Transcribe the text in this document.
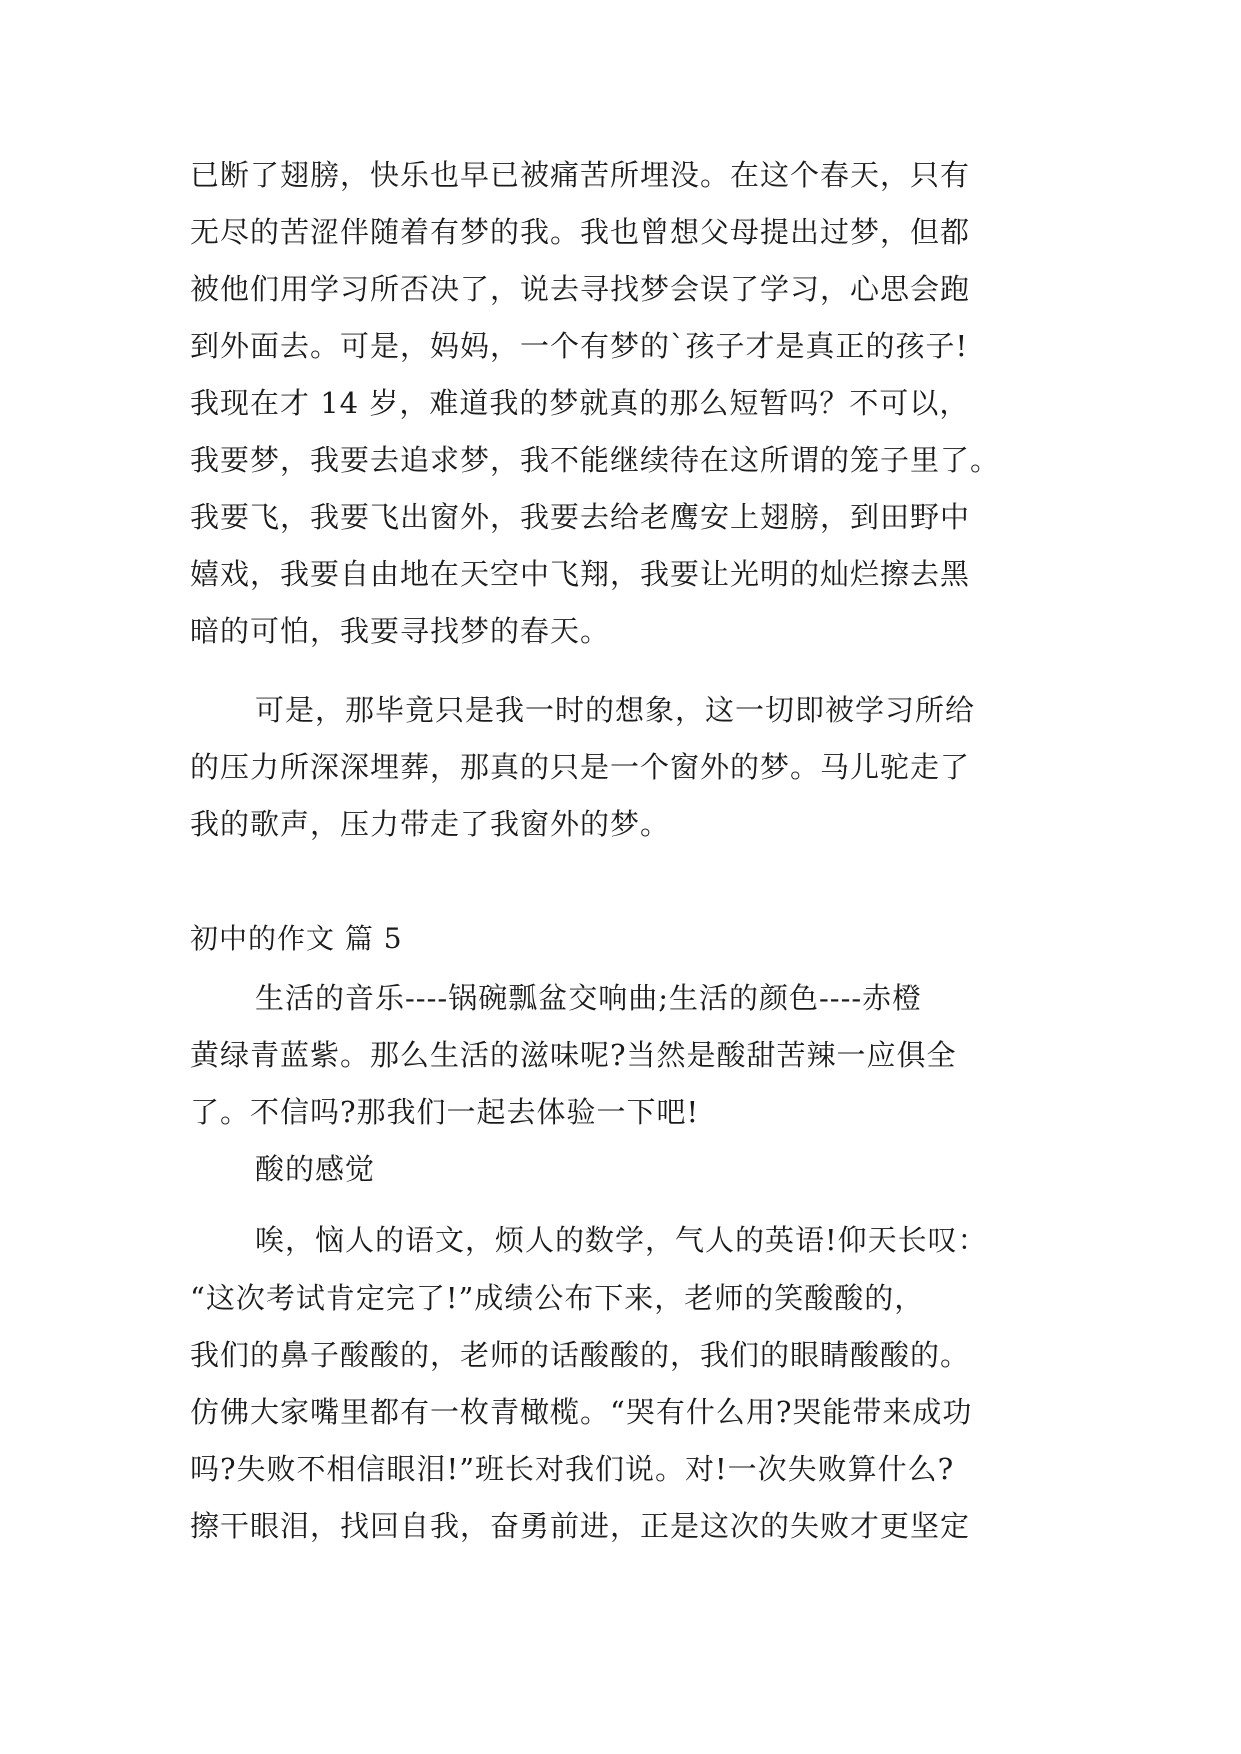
已断了翅膀，快乐也早已被痛苦所埋没。在这个春天，只有
无尽的苦涩伴随着有梦的我。我也曾想父母提出过梦，但都
被他们用学习所否决了，说去寻找梦会误了学习，心思会跑
到外面去。可是，妈妈，一个有梦的`孩子才是真正的孩子!
我现在才 14 岁，难道我的梦就真的那么短暂吗？不可以，
我要梦，我要去追求梦，我不能继续待在这所谓的笼子里了。
我要飞，我要飞出窗外，我要去给老鹰安上翅膀，到田野中
嬉戏，我要自由地在天空中飞翔，我要让光明的灿烂擦去黑
暗的可怕，我要寻找梦的春天。
可是，那毕竟只是我一时的想象，这一切即被学习所给
的压力所深深埋葬，那真的只是一个窗外的梦。马儿驼走了
我的歌声，压力带走了我窗外的梦。
初中的作文 篇 5
生活的音乐----锅碗瓢盆交响曲;生活的颜色----赤橙
黄绿青蓝紫。那么生活的滋味呢?当然是酸甜苦辣一应俱全
了。不信吗?那我们一起去体验一下吧!
酸的感觉
唉，恼人的语文，烦人的数学，气人的英语!仰天长叹：
“这次考试肯定完了!”成绩公布下来，老师的笑酸酸的，
我们的鼻子酸酸的，老师的话酸酸的，我们的眼睛酸酸的。
仿佛大家嘴里都有一枚青橄榄。“哭有什么用?哭能带来成功
吗?失败不相信眼泪!”班长对我们说。对!一次失败算什么?
擦干眼泪，找回自我，奋勇前进，正是这次的失败才更坚定
